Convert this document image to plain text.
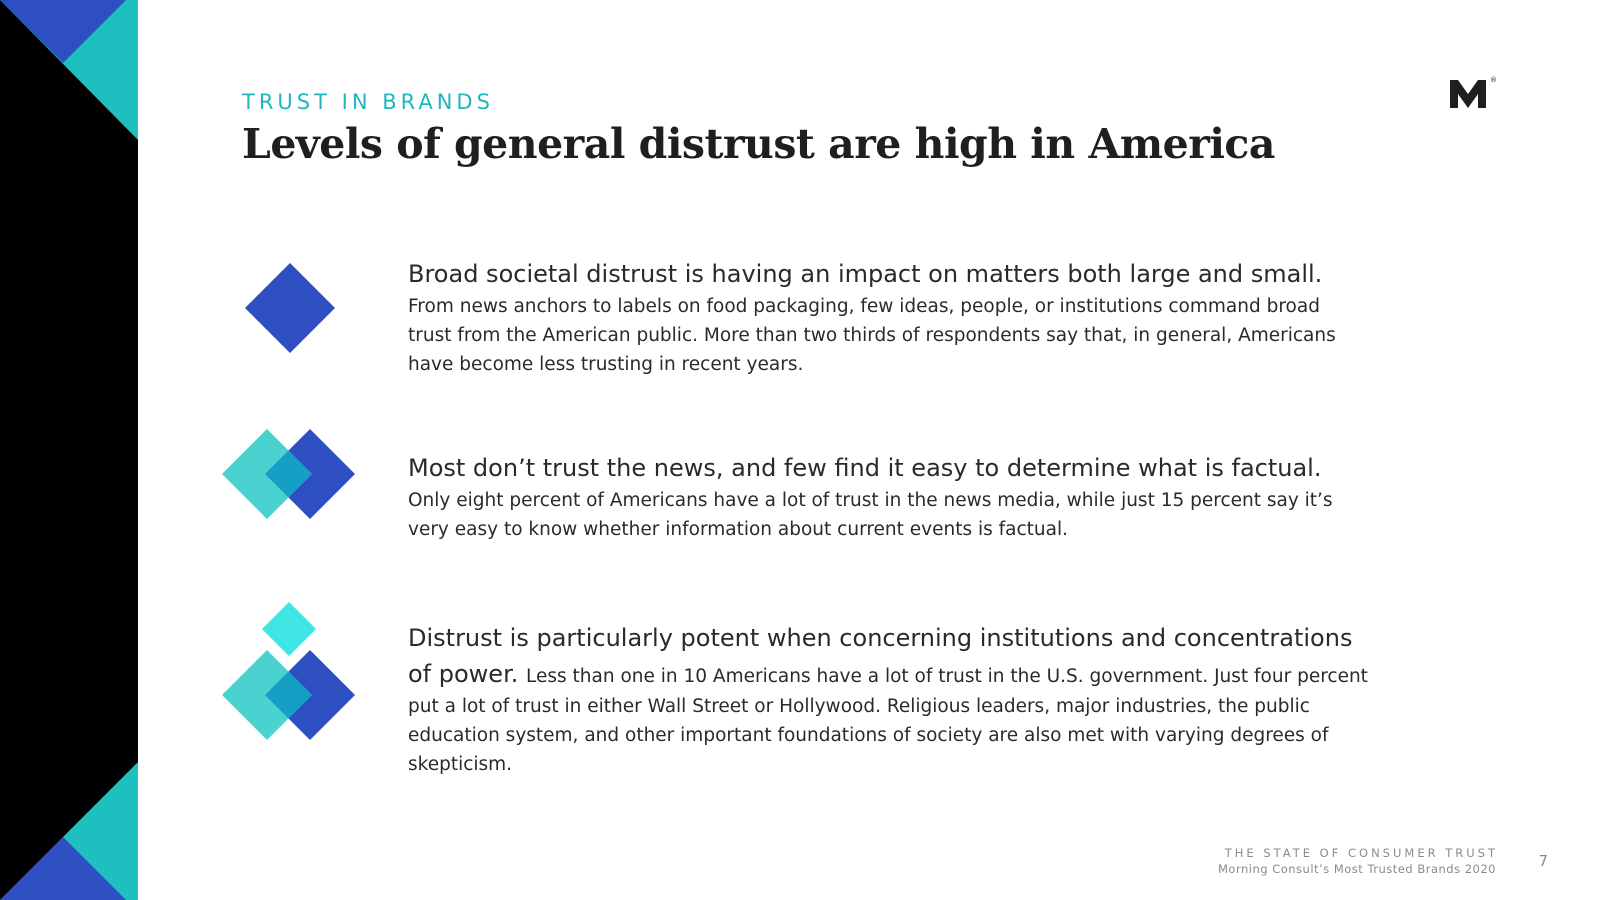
TRUST IN BRANDS
Levels of general distrust are high in America
®
Broad societal distrust is having an impact on matters both large and small. From news anchors to labels on food packaging, few ideas, people, or institutions command broad trust from the American public. More than two thirds of respondents say that, in general, Americans have become less trusting in recent years.
Most don’t trust the news, and few find it easy to determine what is factual. Only eight percent of Americans have a lot of trust in the news media, while just 15 percent say it’s very easy to know whether information about current events is factual.
Distrust is particularly potent when concerning institutions and concentrations of power. Less than one in 10 Americans have a lot of trust in the U.S. government. Just four percent put a lot of trust in either Wall Street or Hollywood. Religious leaders, major industries, the public education system, and other important foundations of society are also met with varying degrees of skepticism.
THE STATE OF CONSUMER TRUST
Morning Consult’s Most Trusted Brands 2020	7
